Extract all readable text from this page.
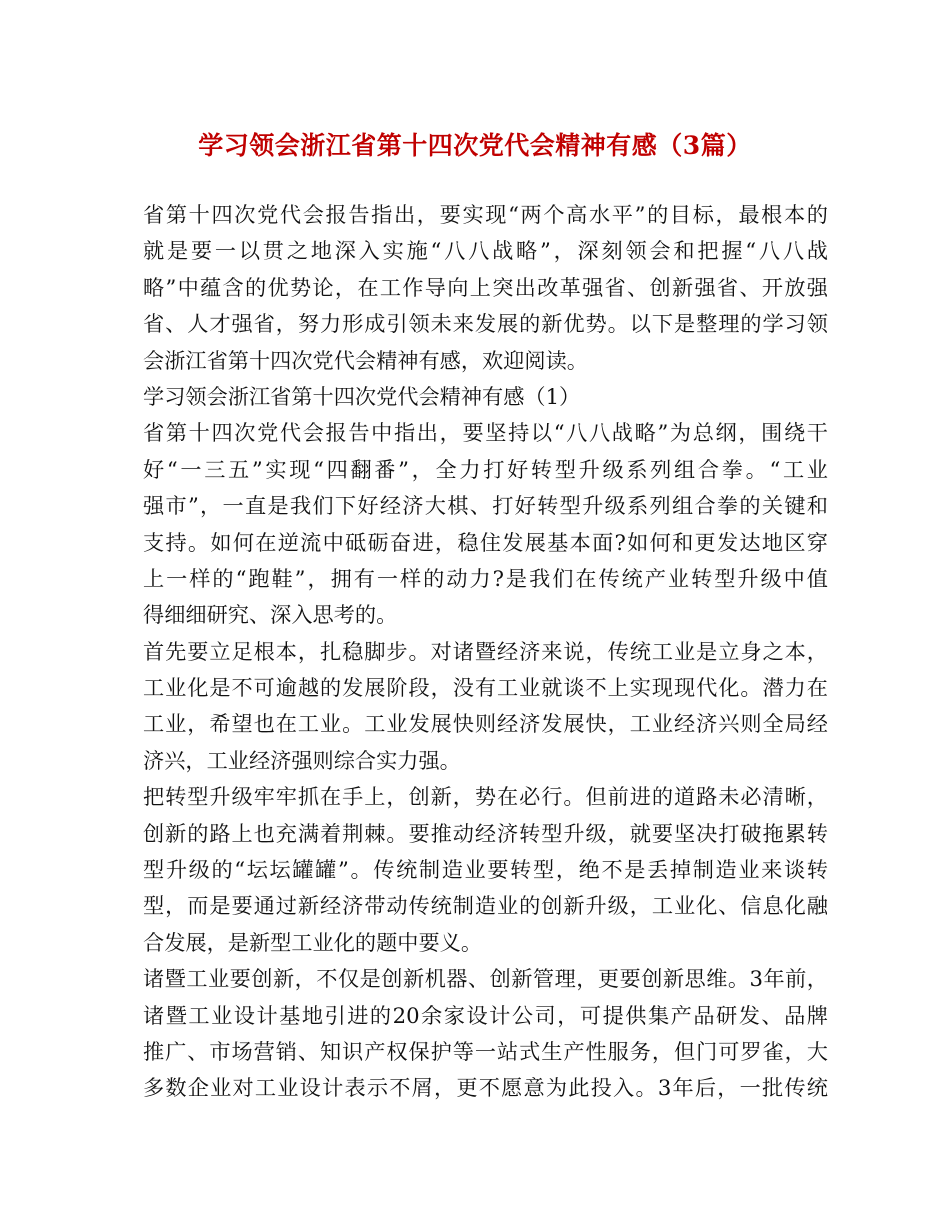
学习领会浙江省第十四次党代会精神有感（3篇）
省第十四次党代会报告指出，要实现“两个高水平”的目标，最根本的
就是要一以贯之地深入实施“八八战略”，深刻领会和把握“八八战
略”中蕴含的优势论，在工作导向上突出改革强省、创新强省、开放强
省、人才强省，努力形成引领未来发展的新优势。以下是整理的学习领
会浙江省第十四次党代会精神有感，欢迎阅读。
学习领会浙江省第十四次党代会精神有感（1）
省第十四次党代会报告中指出，要坚持以“八八战略”为总纲，围绕干
好“一三五”实现“四翻番”，全力打好转型升级系列组合拳。“工业
强市”，一直是我们下好经济大棋、打好转型升级系列组合拳的关键和
支持。如何在逆流中砥砺奋进，稳住发展基本面?如何和更发达地区穿
上一样的“跑鞋”，拥有一样的动力?是我们在传统产业转型升级中值
得细细研究、深入思考的。
首先要立足根本，扎稳脚步。对诸暨经济来说，传统工业是立身之本，
工业化是不可逾越的发展阶段，没有工业就谈不上实现现代化。潜力在
工业，希望也在工业。工业发展快则经济发展快，工业经济兴则全局经
济兴，工业经济强则综合实力强。
把转型升级牢牢抓在手上，创新，势在必行。但前进的道路未必清晰，
创新的路上也充满着荆棘。要推动经济转型升级，就要坚决打破拖累转
型升级的“坛坛罐罐”。传统制造业要转型，绝不是丢掉制造业来谈转
型，而是要通过新经济带动传统制造业的创新升级，工业化、信息化融
合发展，是新型工业化的题中要义。
诸暨工业要创新，不仅是创新机器、创新管理，更要创新思维。3年前，
诸暨工业设计基地引进的20余家设计公司，可提供集产品研发、品牌
推广、市场营销、知识产权保护等一站式生产性服务，但门可罗雀，大
多数企业对工业设计表示不屑，更不愿意为此投入。3年后，一批传统
